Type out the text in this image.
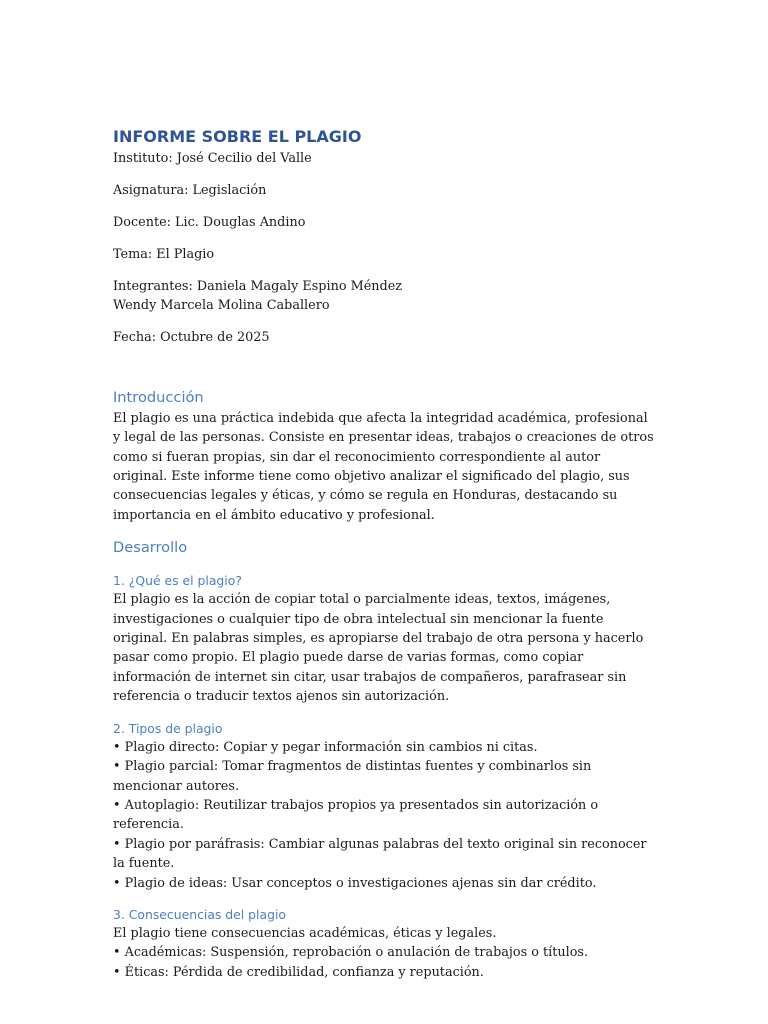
INFORME SOBRE EL PLAGIO

Instituto: José Cecilio del Valle

Asignatura: Legislación

Docente: Lic. Douglas Andino

Tema: El Plagio

Integrantes: Daniela Magaly Espino Méndez

Wendy Marcela Molina Caballero

Fecha: Octubre de 2025

Introducción

El plagio es una práctica indebida que afecta la integridad académica, profesional y legal de las personas. Consiste en presentar ideas, trabajos o creaciones de otros como si fueran propias, sin dar el reconocimiento correspondiente al autor original. Este informe tiene como objetivo analizar el significado del plagio, sus consecuencias legales y éticas, y cómo se regula en Honduras, destacando su importancia en el ámbito educativo y profesional.

Desarrollo
1. ¿Qué es el plagio?

El plagio es la acción de copiar total o parcialmente ideas, textos, imágenes, investigaciones o cualquier tipo de obra intelectual sin mencionar la fuente original. En palabras simples, es apropiarse del trabajo de otra persona y hacerlo pasar como propio. El plagio puede darse de varias formas, como copiar información de internet sin citar, usar trabajos de compañeros, parafrasear sin referencia o traducir textos ajenos sin autorización.

2. Tipos de plagio
• Plagio directo: Copiar y pegar información sin cambios ni citas.
• Plagio parcial: Tomar fragmentos de distintas fuentes y combinarlos sin mencionar autores.
• Autoplagio: Reutilizar trabajos propios ya presentados sin autorización o referencia.
• Plagio por paráfrasis: Cambiar algunas palabras del texto original sin reconocer la fuente.
• Plagio de ideas: Usar conceptos o investigaciones ajenas sin dar crédito.
3. Consecuencias del plagio

El plagio tiene consecuencias académicas, éticas y legales.

• Académicas: Suspensión, reprobación o anulación de trabajos o títulos.
• Éticas: Pérdida de credibilidad, confianza y reputación.
